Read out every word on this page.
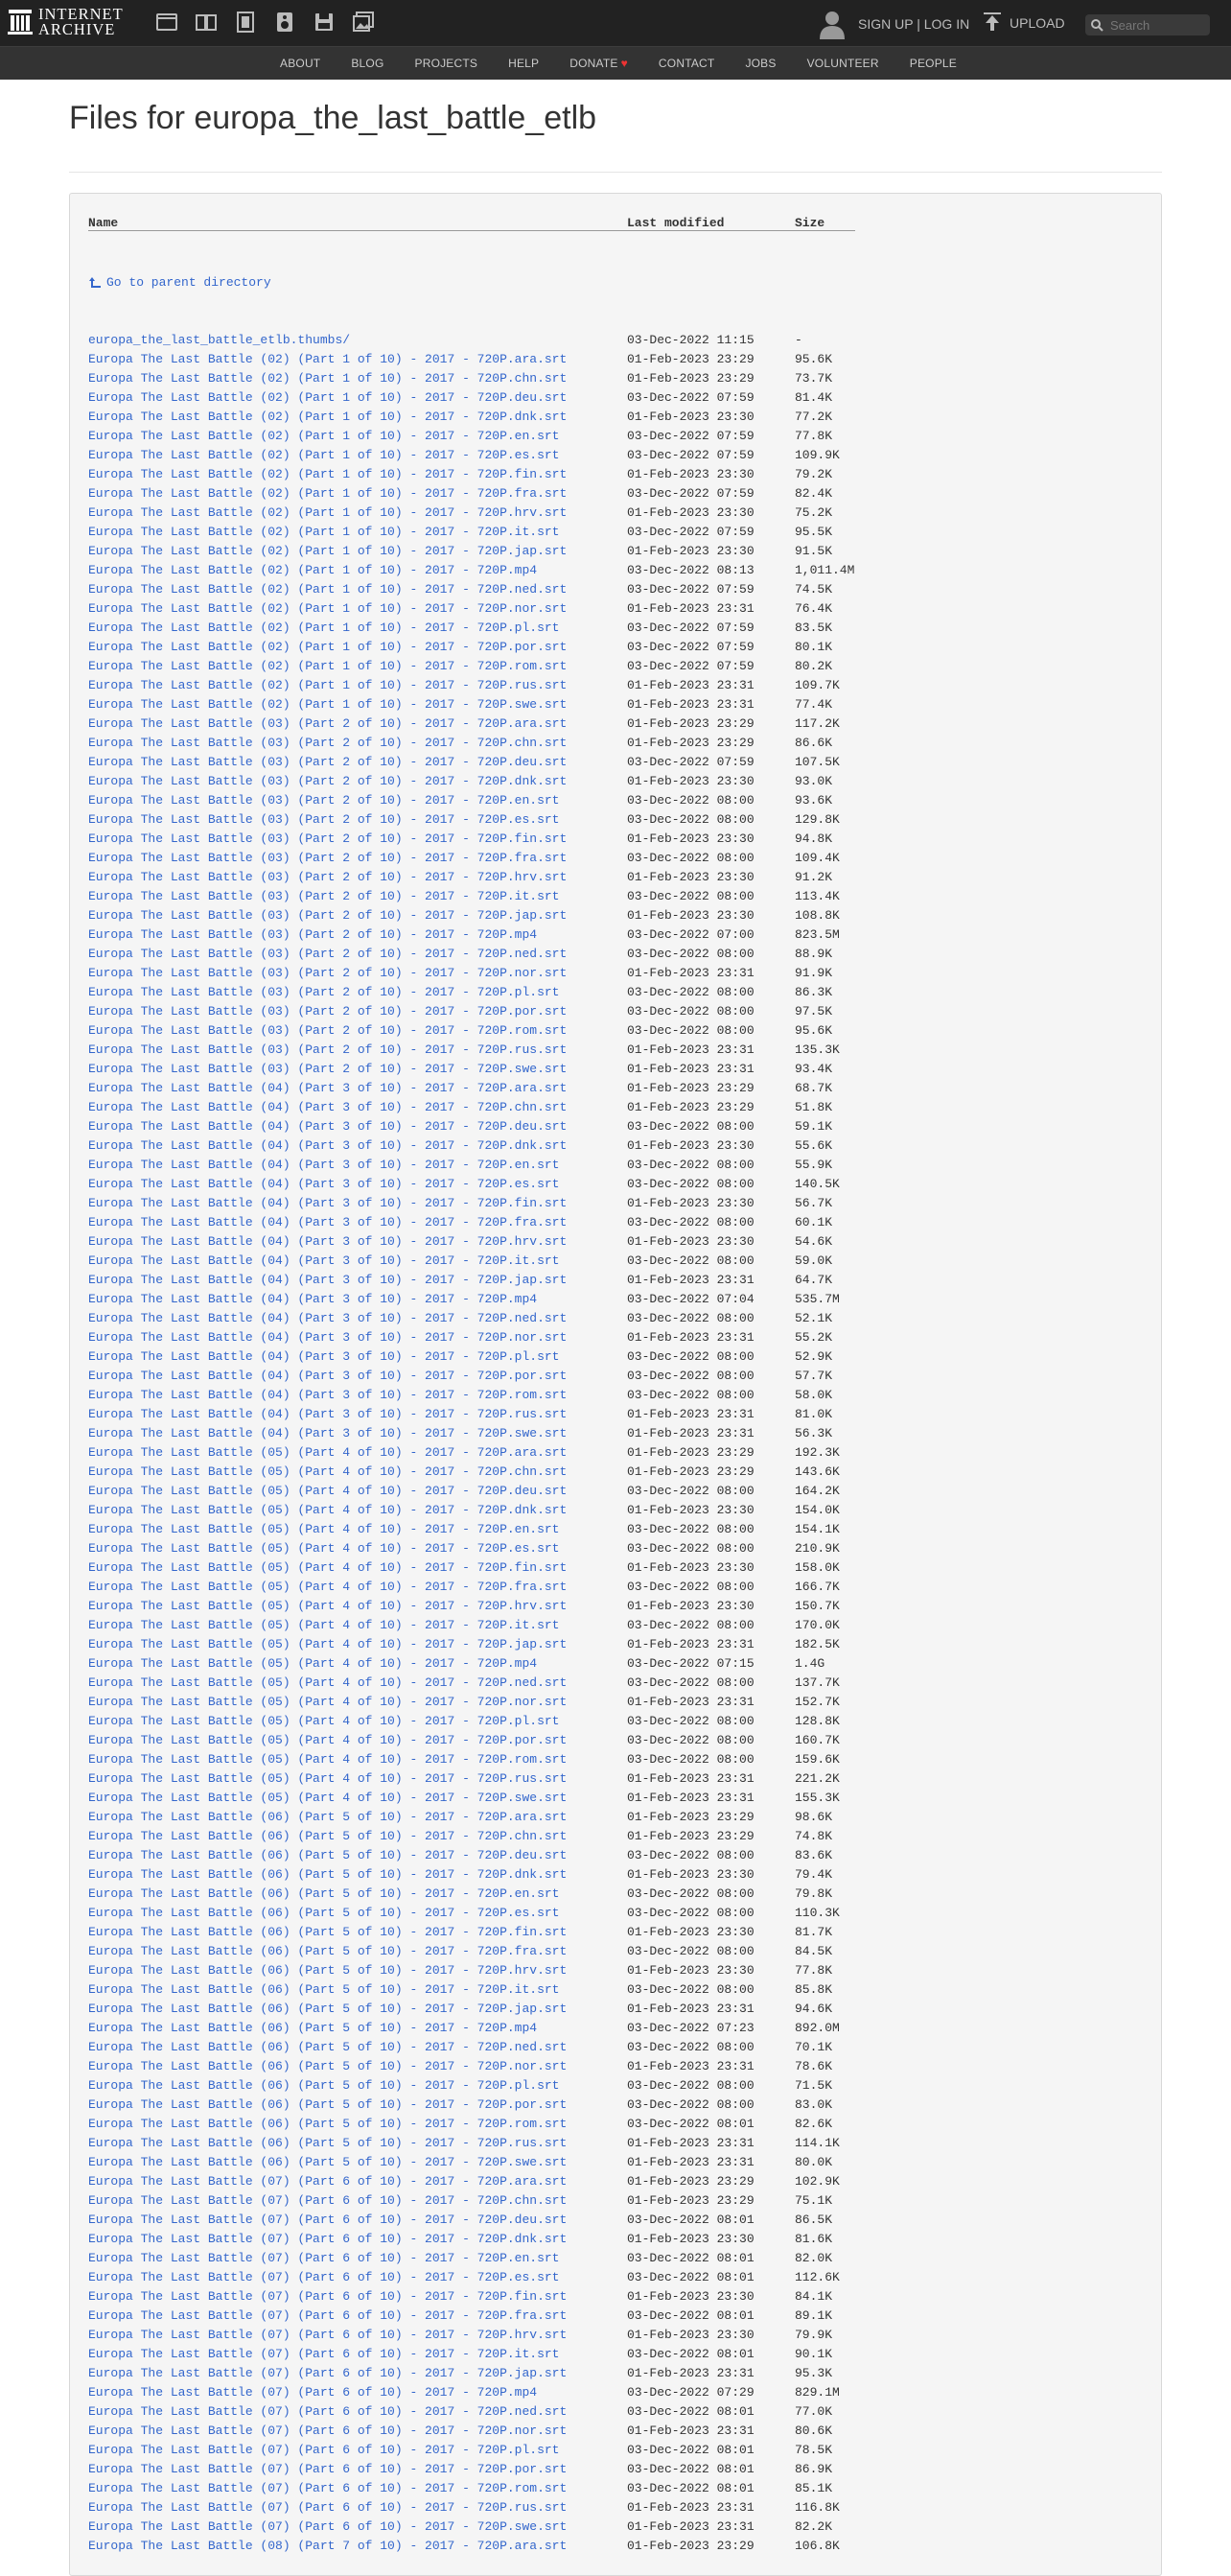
INTERNET
ARCHIVE	SIGN UP | LOG IN	UPLOAD
Search
ABOUT	BLOG	PROJECTS	HELP	DONATE ♥	CONTACT	JOBS	VOLUNTEER	PEOPLE
Files for europa_the_last_battle_etlb
Name	Last modified	Size

Go to parent directory		

europa_the_last_battle_etlb.thumbs/	03-Dec-2022 11:15	-
Europa The Last Battle (02) (Part 1 of 10) - 2017 - 720P.ara.srt	01-Feb-2023 23:29	95.6K
Europa The Last Battle (02) (Part 1 of 10) - 2017 - 720P.chn.srt	01-Feb-2023 23:29	73.7K
Europa The Last Battle (02) (Part 1 of 10) - 2017 - 720P.deu.srt	03-Dec-2022 07:59	81.4K
Europa The Last Battle (02) (Part 1 of 10) - 2017 - 720P.dnk.srt	01-Feb-2023 23:30	77.2K
Europa The Last Battle (02) (Part 1 of 10) - 2017 - 720P.en.srt	03-Dec-2022 07:59	77.8K
Europa The Last Battle (02) (Part 1 of 10) - 2017 - 720P.es.srt	03-Dec-2022 07:59	109.9K
Europa The Last Battle (02) (Part 1 of 10) - 2017 - 720P.fin.srt	01-Feb-2023 23:30	79.2K
Europa The Last Battle (02) (Part 1 of 10) - 2017 - 720P.fra.srt	03-Dec-2022 07:59	82.4K
Europa The Last Battle (02) (Part 1 of 10) - 2017 - 720P.hrv.srt	01-Feb-2023 23:30	75.2K
Europa The Last Battle (02) (Part 1 of 10) - 2017 - 720P.it.srt	03-Dec-2022 07:59	95.5K
Europa The Last Battle (02) (Part 1 of 10) - 2017 - 720P.jap.srt	01-Feb-2023 23:30	91.5K
Europa The Last Battle (02) (Part 1 of 10) - 2017 - 720P.mp4	03-Dec-2022 08:13	1,011.4M
Europa The Last Battle (02) (Part 1 of 10) - 2017 - 720P.ned.srt	03-Dec-2022 07:59	74.5K
Europa The Last Battle (02) (Part 1 of 10) - 2017 - 720P.nor.srt	01-Feb-2023 23:31	76.4K
Europa The Last Battle (02) (Part 1 of 10) - 2017 - 720P.pl.srt	03-Dec-2022 07:59	83.5K
Europa The Last Battle (02) (Part 1 of 10) - 2017 - 720P.por.srt	03-Dec-2022 07:59	80.1K
Europa The Last Battle (02) (Part 1 of 10) - 2017 - 720P.rom.srt	03-Dec-2022 07:59	80.2K
Europa The Last Battle (02) (Part 1 of 10) - 2017 - 720P.rus.srt	01-Feb-2023 23:31	109.7K
Europa The Last Battle (02) (Part 1 of 10) - 2017 - 720P.swe.srt	01-Feb-2023 23:31	77.4K
Europa The Last Battle (03) (Part 2 of 10) - 2017 - 720P.ara.srt	01-Feb-2023 23:29	117.2K
Europa The Last Battle (03) (Part 2 of 10) - 2017 - 720P.chn.srt	01-Feb-2023 23:29	86.6K
Europa The Last Battle (03) (Part 2 of 10) - 2017 - 720P.deu.srt	03-Dec-2022 07:59	107.5K
Europa The Last Battle (03) (Part 2 of 10) - 2017 - 720P.dnk.srt	01-Feb-2023 23:30	93.0K
Europa The Last Battle (03) (Part 2 of 10) - 2017 - 720P.en.srt	03-Dec-2022 08:00	93.6K
Europa The Last Battle (03) (Part 2 of 10) - 2017 - 720P.es.srt	03-Dec-2022 08:00	129.8K
Europa The Last Battle (03) (Part 2 of 10) - 2017 - 720P.fin.srt	01-Feb-2023 23:30	94.8K
Europa The Last Battle (03) (Part 2 of 10) - 2017 - 720P.fra.srt	03-Dec-2022 08:00	109.4K
Europa The Last Battle (03) (Part 2 of 10) - 2017 - 720P.hrv.srt	01-Feb-2023 23:30	91.2K
Europa The Last Battle (03) (Part 2 of 10) - 2017 - 720P.it.srt	03-Dec-2022 08:00	113.4K
Europa The Last Battle (03) (Part 2 of 10) - 2017 - 720P.jap.srt	01-Feb-2023 23:30	108.8K
Europa The Last Battle (03) (Part 2 of 10) - 2017 - 720P.mp4	03-Dec-2022 07:00	823.5M
Europa The Last Battle (03) (Part 2 of 10) - 2017 - 720P.ned.srt	03-Dec-2022 08:00	88.9K
Europa The Last Battle (03) (Part 2 of 10) - 2017 - 720P.nor.srt	01-Feb-2023 23:31	91.9K
Europa The Last Battle (03) (Part 2 of 10) - 2017 - 720P.pl.srt	03-Dec-2022 08:00	86.3K
Europa The Last Battle (03) (Part 2 of 10) - 2017 - 720P.por.srt	03-Dec-2022 08:00	97.5K
Europa The Last Battle (03) (Part 2 of 10) - 2017 - 720P.rom.srt	03-Dec-2022 08:00	95.6K
Europa The Last Battle (03) (Part 2 of 10) - 2017 - 720P.rus.srt	01-Feb-2023 23:31	135.3K
Europa The Last Battle (03) (Part 2 of 10) - 2017 - 720P.swe.srt	01-Feb-2023 23:31	93.4K
Europa The Last Battle (04) (Part 3 of 10) - 2017 - 720P.ara.srt	01-Feb-2023 23:29	68.7K
Europa The Last Battle (04) (Part 3 of 10) - 2017 - 720P.chn.srt	01-Feb-2023 23:29	51.8K
Europa The Last Battle (04) (Part 3 of 10) - 2017 - 720P.deu.srt	03-Dec-2022 08:00	59.1K
Europa The Last Battle (04) (Part 3 of 10) - 2017 - 720P.dnk.srt	01-Feb-2023 23:30	55.6K
Europa The Last Battle (04) (Part 3 of 10) - 2017 - 720P.en.srt	03-Dec-2022 08:00	55.9K
Europa The Last Battle (04) (Part 3 of 10) - 2017 - 720P.es.srt	03-Dec-2022 08:00	140.5K
Europa The Last Battle (04) (Part 3 of 10) - 2017 - 720P.fin.srt	01-Feb-2023 23:30	56.7K
Europa The Last Battle (04) (Part 3 of 10) - 2017 - 720P.fra.srt	03-Dec-2022 08:00	60.1K
Europa The Last Battle (04) (Part 3 of 10) - 2017 - 720P.hrv.srt	01-Feb-2023 23:30	54.6K
Europa The Last Battle (04) (Part 3 of 10) - 2017 - 720P.it.srt	03-Dec-2022 08:00	59.0K
Europa The Last Battle (04) (Part 3 of 10) - 2017 - 720P.jap.srt	01-Feb-2023 23:31	64.7K
Europa The Last Battle (04) (Part 3 of 10) - 2017 - 720P.mp4	03-Dec-2022 07:04	535.7M
Europa The Last Battle (04) (Part 3 of 10) - 2017 - 720P.ned.srt	03-Dec-2022 08:00	52.1K
Europa The Last Battle (04) (Part 3 of 10) - 2017 - 720P.nor.srt	01-Feb-2023 23:31	55.2K
Europa The Last Battle (04) (Part 3 of 10) - 2017 - 720P.pl.srt	03-Dec-2022 08:00	52.9K
Europa The Last Battle (04) (Part 3 of 10) - 2017 - 720P.por.srt	03-Dec-2022 08:00	57.7K
Europa The Last Battle (04) (Part 3 of 10) - 2017 - 720P.rom.srt	03-Dec-2022 08:00	58.0K
Europa The Last Battle (04) (Part 3 of 10) - 2017 - 720P.rus.srt	01-Feb-2023 23:31	81.0K
Europa The Last Battle (04) (Part 3 of 10) - 2017 - 720P.swe.srt	01-Feb-2023 23:31	56.3K
Europa The Last Battle (05) (Part 4 of 10) - 2017 - 720P.ara.srt	01-Feb-2023 23:29	192.3K
Europa The Last Battle (05) (Part 4 of 10) - 2017 - 720P.chn.srt	01-Feb-2023 23:29	143.6K
Europa The Last Battle (05) (Part 4 of 10) - 2017 - 720P.deu.srt	03-Dec-2022 08:00	164.2K
Europa The Last Battle (05) (Part 4 of 10) - 2017 - 720P.dnk.srt	01-Feb-2023 23:30	154.0K
Europa The Last Battle (05) (Part 4 of 10) - 2017 - 720P.en.srt	03-Dec-2022 08:00	154.1K
Europa The Last Battle (05) (Part 4 of 10) - 2017 - 720P.es.srt	03-Dec-2022 08:00	210.9K
Europa The Last Battle (05) (Part 4 of 10) - 2017 - 720P.fin.srt	01-Feb-2023 23:30	158.0K
Europa The Last Battle (05) (Part 4 of 10) - 2017 - 720P.fra.srt	03-Dec-2022 08:00	166.7K
Europa The Last Battle (05) (Part 4 of 10) - 2017 - 720P.hrv.srt	01-Feb-2023 23:30	150.7K
Europa The Last Battle (05) (Part 4 of 10) - 2017 - 720P.it.srt	03-Dec-2022 08:00	170.0K
Europa The Last Battle (05) (Part 4 of 10) - 2017 - 720P.jap.srt	01-Feb-2023 23:31	182.5K
Europa The Last Battle (05) (Part 4 of 10) - 2017 - 720P.mp4	03-Dec-2022 07:15	1.4G
Europa The Last Battle (05) (Part 4 of 10) - 2017 - 720P.ned.srt	03-Dec-2022 08:00	137.7K
Europa The Last Battle (05) (Part 4 of 10) - 2017 - 720P.nor.srt	01-Feb-2023 23:31	152.7K
Europa The Last Battle (05) (Part 4 of 10) - 2017 - 720P.pl.srt	03-Dec-2022 08:00	128.8K
Europa The Last Battle (05) (Part 4 of 10) - 2017 - 720P.por.srt	03-Dec-2022 08:00	160.7K
Europa The Last Battle (05) (Part 4 of 10) - 2017 - 720P.rom.srt	03-Dec-2022 08:00	159.6K
Europa The Last Battle (05) (Part 4 of 10) - 2017 - 720P.rus.srt	01-Feb-2023 23:31	221.2K
Europa The Last Battle (05) (Part 4 of 10) - 2017 - 720P.swe.srt	01-Feb-2023 23:31	155.3K
Europa The Last Battle (06) (Part 5 of 10) - 2017 - 720P.ara.srt	01-Feb-2023 23:29	98.6K
Europa The Last Battle (06) (Part 5 of 10) - 2017 - 720P.chn.srt	01-Feb-2023 23:29	74.8K
Europa The Last Battle (06) (Part 5 of 10) - 2017 - 720P.deu.srt	03-Dec-2022 08:00	83.6K
Europa The Last Battle (06) (Part 5 of 10) - 2017 - 720P.dnk.srt	01-Feb-2023 23:30	79.4K
Europa The Last Battle (06) (Part 5 of 10) - 2017 - 720P.en.srt	03-Dec-2022 08:00	79.8K
Europa The Last Battle (06) (Part 5 of 10) - 2017 - 720P.es.srt	03-Dec-2022 08:00	110.3K
Europa The Last Battle (06) (Part 5 of 10) - 2017 - 720P.fin.srt	01-Feb-2023 23:30	81.7K
Europa The Last Battle (06) (Part 5 of 10) - 2017 - 720P.fra.srt	03-Dec-2022 08:00	84.5K
Europa The Last Battle (06) (Part 5 of 10) - 2017 - 720P.hrv.srt	01-Feb-2023 23:30	77.8K
Europa The Last Battle (06) (Part 5 of 10) - 2017 - 720P.it.srt	03-Dec-2022 08:00	85.8K
Europa The Last Battle (06) (Part 5 of 10) - 2017 - 720P.jap.srt	01-Feb-2023 23:31	94.6K
Europa The Last Battle (06) (Part 5 of 10) - 2017 - 720P.mp4	03-Dec-2022 07:23	892.0M
Europa The Last Battle (06) (Part 5 of 10) - 2017 - 720P.ned.srt	03-Dec-2022 08:00	70.1K
Europa The Last Battle (06) (Part 5 of 10) - 2017 - 720P.nor.srt	01-Feb-2023 23:31	78.6K
Europa The Last Battle (06) (Part 5 of 10) - 2017 - 720P.pl.srt	03-Dec-2022 08:00	71.5K
Europa The Last Battle (06) (Part 5 of 10) - 2017 - 720P.por.srt	03-Dec-2022 08:00	83.0K
Europa The Last Battle (06) (Part 5 of 10) - 2017 - 720P.rom.srt	03-Dec-2022 08:01	82.6K
Europa The Last Battle (06) (Part 5 of 10) - 2017 - 720P.rus.srt	01-Feb-2023 23:31	114.1K
Europa The Last Battle (06) (Part 5 of 10) - 2017 - 720P.swe.srt	01-Feb-2023 23:31	80.0K
Europa The Last Battle (07) (Part 6 of 10) - 2017 - 720P.ara.srt	01-Feb-2023 23:29	102.9K
Europa The Last Battle (07) (Part 6 of 10) - 2017 - 720P.chn.srt	01-Feb-2023 23:29	75.1K
Europa The Last Battle (07) (Part 6 of 10) - 2017 - 720P.deu.srt	03-Dec-2022 08:01	86.5K
Europa The Last Battle (07) (Part 6 of 10) - 2017 - 720P.dnk.srt	01-Feb-2023 23:30	81.6K
Europa The Last Battle (07) (Part 6 of 10) - 2017 - 720P.en.srt	03-Dec-2022 08:01	82.0K
Europa The Last Battle (07) (Part 6 of 10) - 2017 - 720P.es.srt	03-Dec-2022 08:01	112.6K
Europa The Last Battle (07) (Part 6 of 10) - 2017 - 720P.fin.srt	01-Feb-2023 23:30	84.1K
Europa The Last Battle (07) (Part 6 of 10) - 2017 - 720P.fra.srt	03-Dec-2022 08:01	89.1K
Europa The Last Battle (07) (Part 6 of 10) - 2017 - 720P.hrv.srt	01-Feb-2023 23:30	79.9K
Europa The Last Battle (07) (Part 6 of 10) - 2017 - 720P.it.srt	03-Dec-2022 08:01	90.1K
Europa The Last Battle (07) (Part 6 of 10) - 2017 - 720P.jap.srt	01-Feb-2023 23:31	95.3K
Europa The Last Battle (07) (Part 6 of 10) - 2017 - 720P.mp4	03-Dec-2022 07:29	829.1M
Europa The Last Battle (07) (Part 6 of 10) - 2017 - 720P.ned.srt	03-Dec-2022 08:01	77.0K
Europa The Last Battle (07) (Part 6 of 10) - 2017 - 720P.nor.srt	01-Feb-2023 23:31	80.6K
Europa The Last Battle (07) (Part 6 of 10) - 2017 - 720P.pl.srt	03-Dec-2022 08:01	78.5K
Europa The Last Battle (07) (Part 6 of 10) - 2017 - 720P.por.srt	03-Dec-2022 08:01	86.9K
Europa The Last Battle (07) (Part 6 of 10) - 2017 - 720P.rom.srt	03-Dec-2022 08:01	85.1K
Europa The Last Battle (07) (Part 6 of 10) - 2017 - 720P.rus.srt	01-Feb-2023 23:31	116.8K
Europa The Last Battle (07) (Part 6 of 10) - 2017 - 720P.swe.srt	01-Feb-2023 23:31	82.2K
Europa The Last Battle (08) (Part 7 of 10) - 2017 - 720P.ara.srt	01-Feb-2023 23:29	106.8K
